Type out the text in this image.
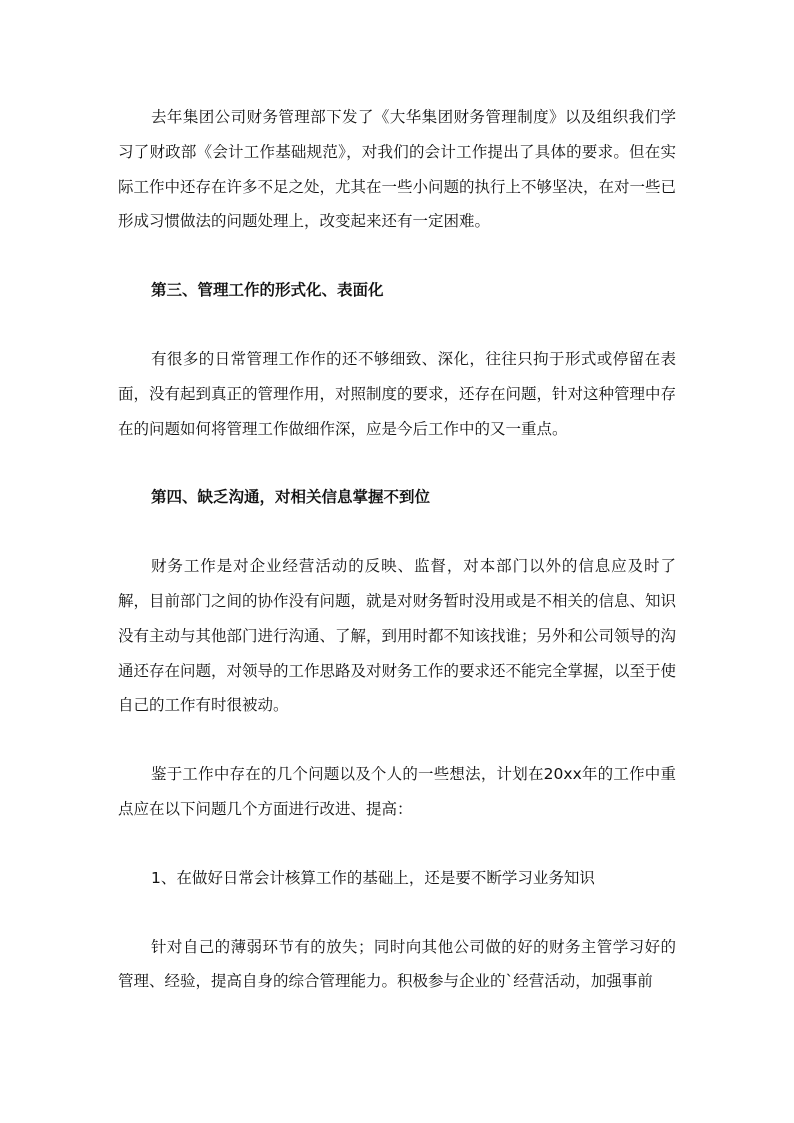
去年集团公司财务管理部下发了《大华集团财务管理制度》以及组织我们学习了财政部《会计工作基础规范》，对我们的会计工作提出了具体的要求。但在实际工作中还存在许多不足之处，尤其在一些小问题的执行上不够坚决，在对一些已形成习惯做法的问题处理上，改变起来还有一定困难。

第三、管理工作的形式化、表面化

有很多的日常管理工作作的还不够细致、深化，往往只拘于形式或停留在表面，没有起到真正的管理作用，对照制度的要求，还存在问题，针对这种管理中存在的问题如何将管理工作做细作深，应是今后工作中的又一重点。

第四、缺乏沟通，对相关信息掌握不到位

财务工作是对企业经营活动的反映、监督，对本部门以外的信息应及时了解，目前部门之间的协作没有问题，就是对财务暂时没用或是不相关的信息、知识没有主动与其他部门进行沟通、了解，到用时都不知该找谁；另外和公司领导的沟通还存在问题，对领导的工作思路及对财务工作的要求还不能完全掌握，以至于使自己的工作有时很被动。

鉴于工作中存在的几个问题以及个人的一些想法，计划在20xx年的工作中重点应在以下问题几个方面进行改进、提高：

1、在做好日常会计核算工作的基础上，还是要不断学习业务知识

针对自己的薄弱环节有的放失；同时向其他公司做的好的财务主管学习好的管理、经验，提高自身的综合管理能力。积极参与企业的`经营活动，加强事前
